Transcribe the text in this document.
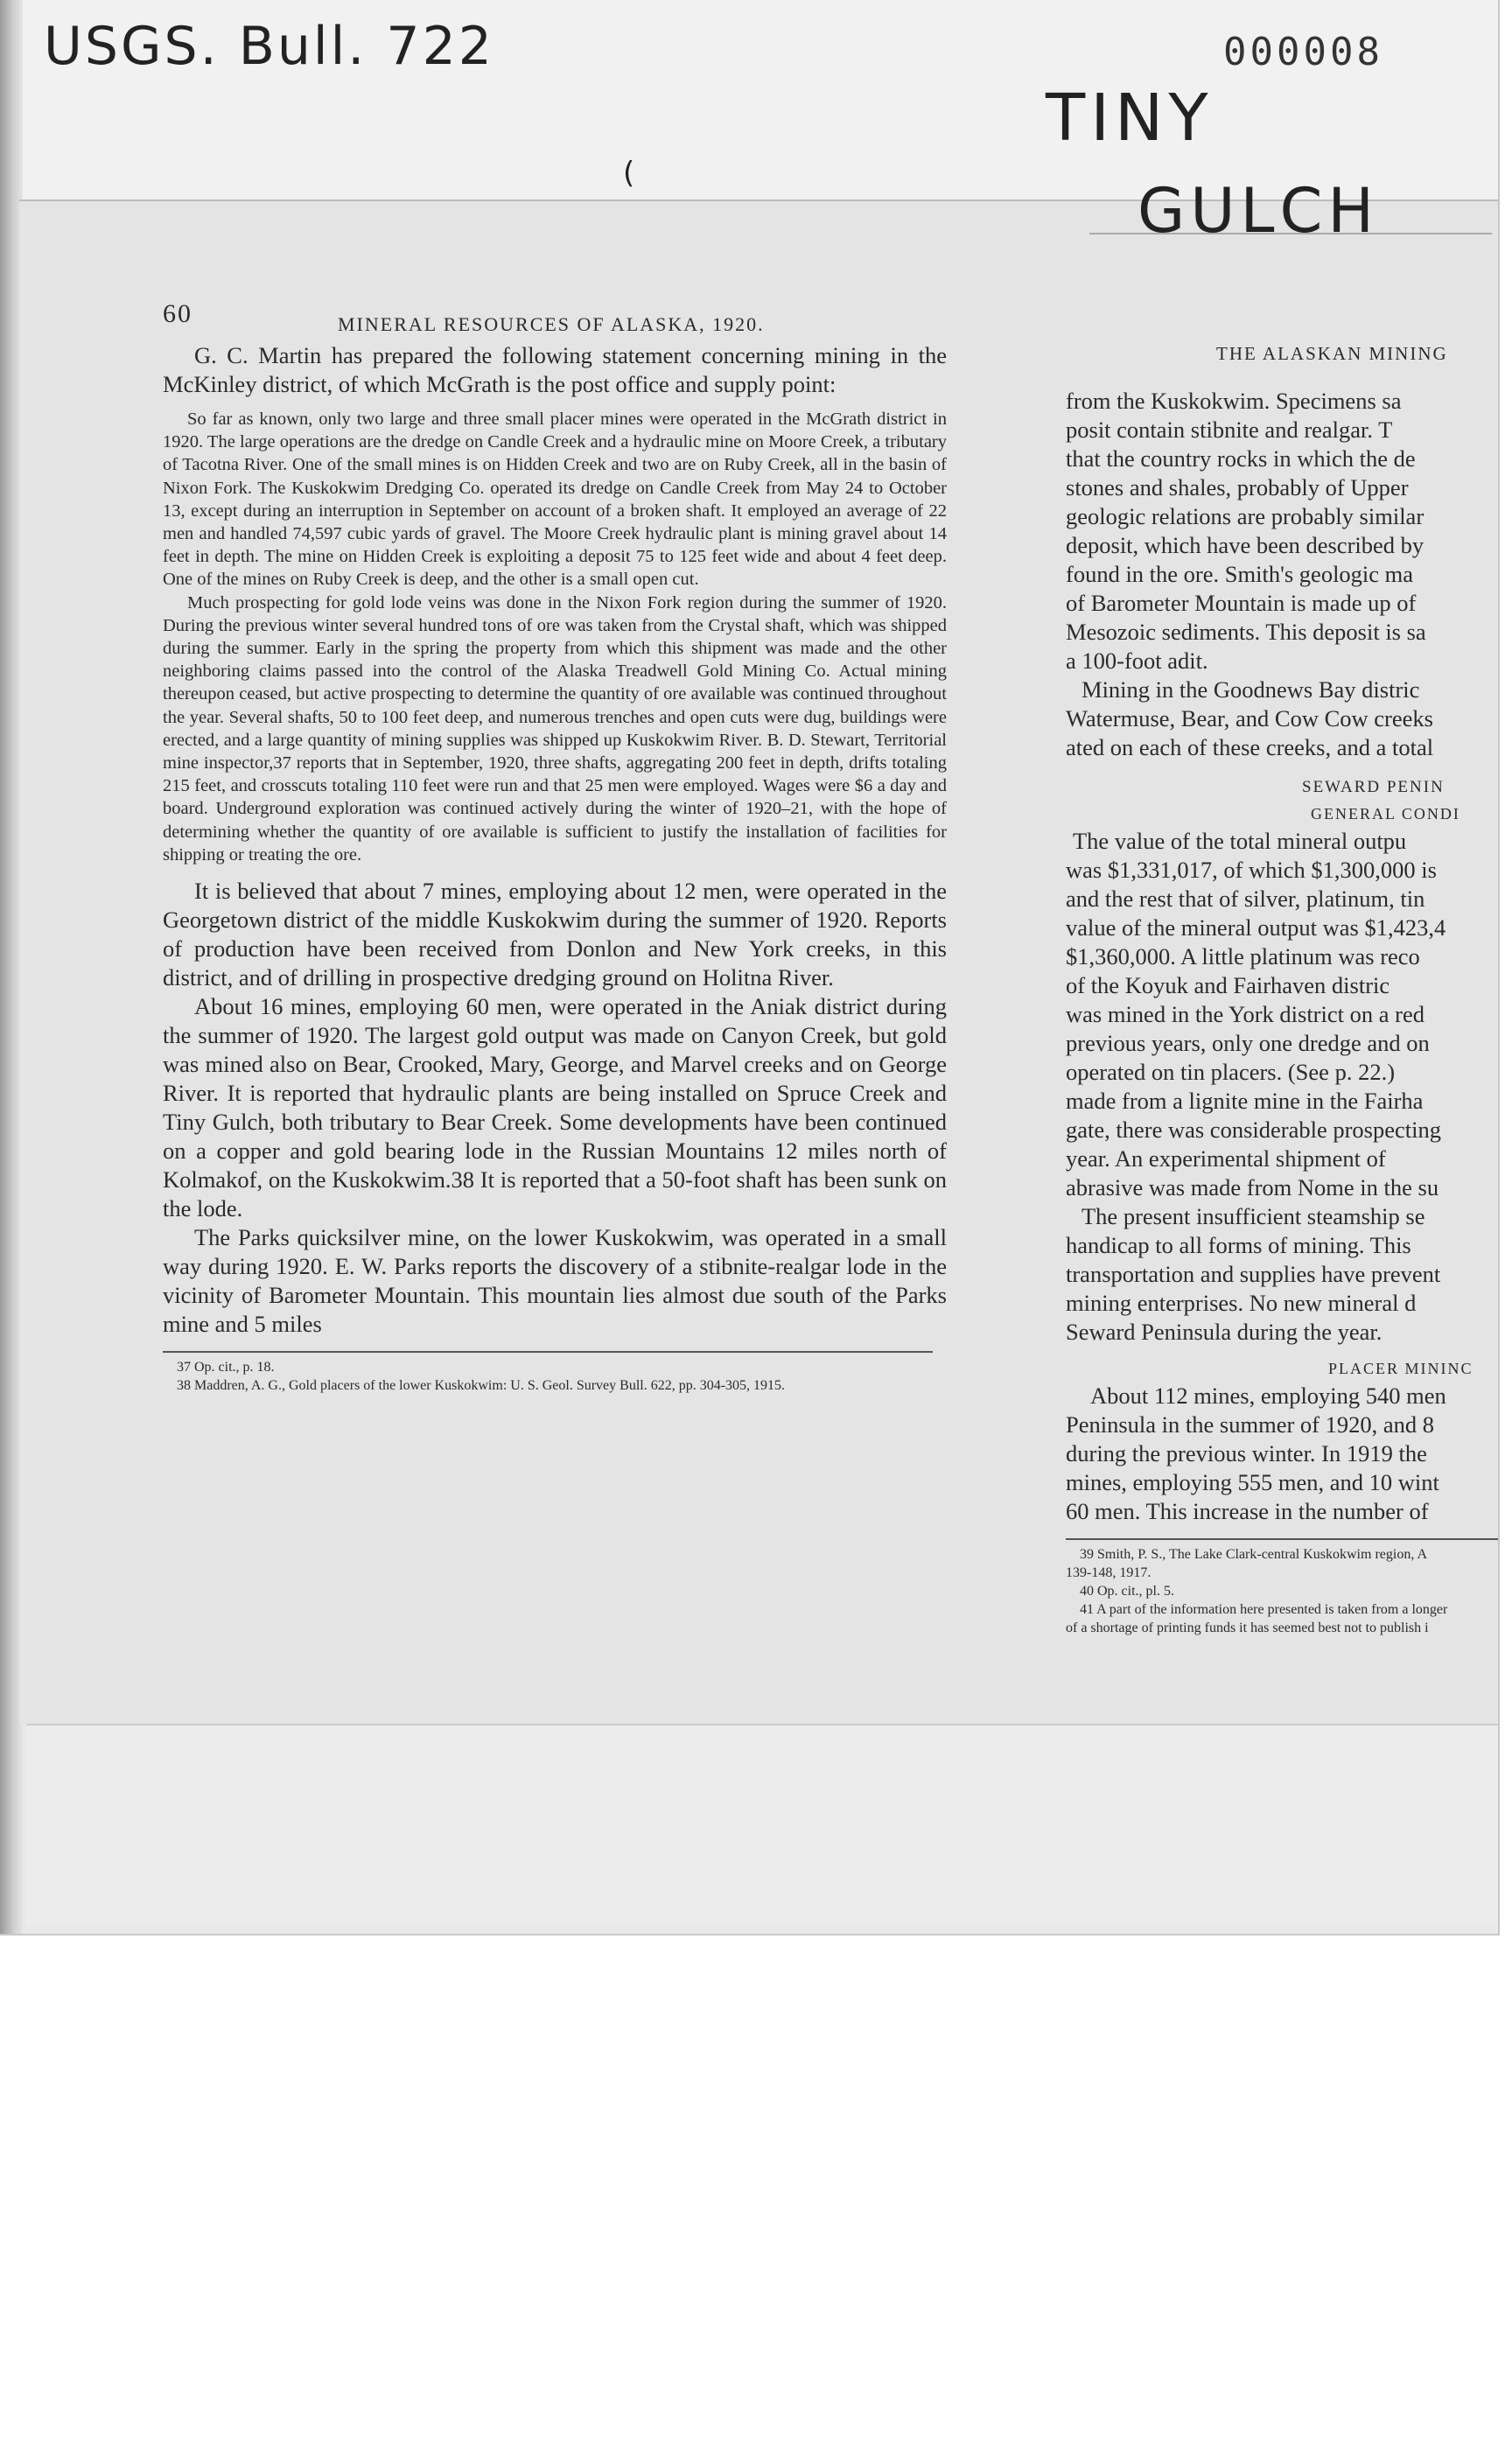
USGS. Bull. 722	000008
TINY
GULCH
(
THE ALASKAN MINING
60	MINERAL RESOURCES OF ALASKA, 1920.

G. C. Martin has prepared the following statement concerning mining in the McKinley district, of which McGrath is the post office and supply point:

So far as known, only two large and three small placer mines were operated in the McGrath district in 1920. The large operations are the dredge on Candle Creek and a hydraulic mine on Moore Creek, a tributary of Tacotna River. One of the small mines is on Hidden Creek and two are on Ruby Creek, all in the basin of Nixon Fork. The Kuskokwim Dredging Co. operated its dredge on Candle Creek from May 24 to October 13, except during an interruption in September on account of a broken shaft. It employed an average of 22 men and handled 74,597 cubic yards of gravel. The Moore Creek hydraulic plant is mining gravel about 14 feet in depth. The mine on Hidden Creek is exploiting a deposit 75 to 125 feet wide and about 4 feet deep. One of the mines on Ruby Creek is deep, and the other is a small open cut.

Much prospecting for gold lode veins was done in the Nixon Fork region during the summer of 1920. During the previous winter several hundred tons of ore was taken from the Crystal shaft, which was shipped during the summer. Early in the spring the property from which this shipment was made and the other neighboring claims passed into the control of the Alaska Treadwell Gold Mining Co. Actual mining thereupon ceased, but active prospecting to determine the quantity of ore available was continued throughout the year. Several shafts, 50 to 100 feet deep, and numerous trenches and open cuts were dug, buildings were erected, and a large quantity of mining supplies was shipped up Kuskokwim River. B. D. Stewart, Territorial mine inspector,37 reports that in September, 1920, three shafts, aggregating 200 feet in depth, drifts totaling 215 feet, and crosscuts totaling 110 feet were run and that 25 men were employed. Wages were $6 a day and board. Underground exploration was continued actively during the winter of 1920–21, with the hope of determining whether the quantity of ore available is sufficient to justify the installation of facilities for shipping or treating the ore.

It is believed that about 7 mines, employing about 12 men, were operated in the Georgetown district of the middle Kuskokwim during the summer of 1920. Reports of production have been received from Donlon and New York creeks, in this district, and of drilling in prospective dredging ground on Holitna River.

About 16 mines, employing 60 men, were operated in the Aniak district during the summer of 1920. The largest gold output was made on Canyon Creek, but gold was mined also on Bear, Crooked, Mary, George, and Marvel creeks and on George River. It is reported that hydraulic plants are being installed on Spruce Creek and Tiny Gulch, both tributary to Bear Creek. Some developments have been continued on a copper and gold bearing lode in the Russian Mountains 12 miles north of Kolmakof, on the Kuskokwim.38 It is reported that a 50-foot shaft has been sunk on the lode.

The Parks quicksilver mine, on the lower Kuskokwim, was operated in a small way during 1920. E. W. Parks reports the discovery of a stibnite-realgar lode in the vicinity of Barometer Mountain. This mountain lies almost due south of the Parks mine and 5 miles

37 Op. cit., p. 18.

38 Maddren, A. G., Gold placers of the lower Kuskokwim: U. S. Geol. Survey Bull. 622, pp. 304-305, 1915.

from the Kuskokwim. Specimens sa
posit contain stibnite and realgar. T
that the country rocks in which the de
stones and shales, probably of Upper
geologic relations are probably similar
deposit, which have been described by
found in the ore. Smith's geologic ma
of Barometer Mountain is made up of
Mesozoic sediments. This deposit is sa
a 100-foot adit.
Mining in the Goodnews Bay distric
Watermuse, Bear, and Cow Cow creeks
ated on each of these creeks, and a total
SEWARD PENIN
GENERAL CONDI
The value of the total mineral outpu
was $1,331,017, of which $1,300,000 is
and the rest that of silver, platinum, tin
value of the mineral output was $1,423,4
$1,360,000. A little platinum was reco
of the Koyuk and Fairhaven distric
was mined in the York district on a red
previous years, only one dredge and on
operated on tin placers. (See p. 22.)
made from a lignite mine in the Fairha
gate, there was considerable prospecting
year. An experimental shipment of
abrasive was made from Nome in the su
The present insufficient steamship se
handicap to all forms of mining. This
transportation and supplies have prevent
mining enterprises. No new mineral d
Seward Peninsula during the year.
PLACER MININC
About 112 mines, employing 540 men
Peninsula in the summer of 1920, and 8
during the previous winter. In 1919 the
mines, employing 555 men, and 10 wint
60 men. This increase in the number of
39 Smith, P. S., The Lake Clark-central Kuskokwim region, A
139-148, 1917.
40 Op. cit., pl. 5.
41 A part of the information here presented is taken from a longer
of a shortage of printing funds it has seemed best not to publish i
